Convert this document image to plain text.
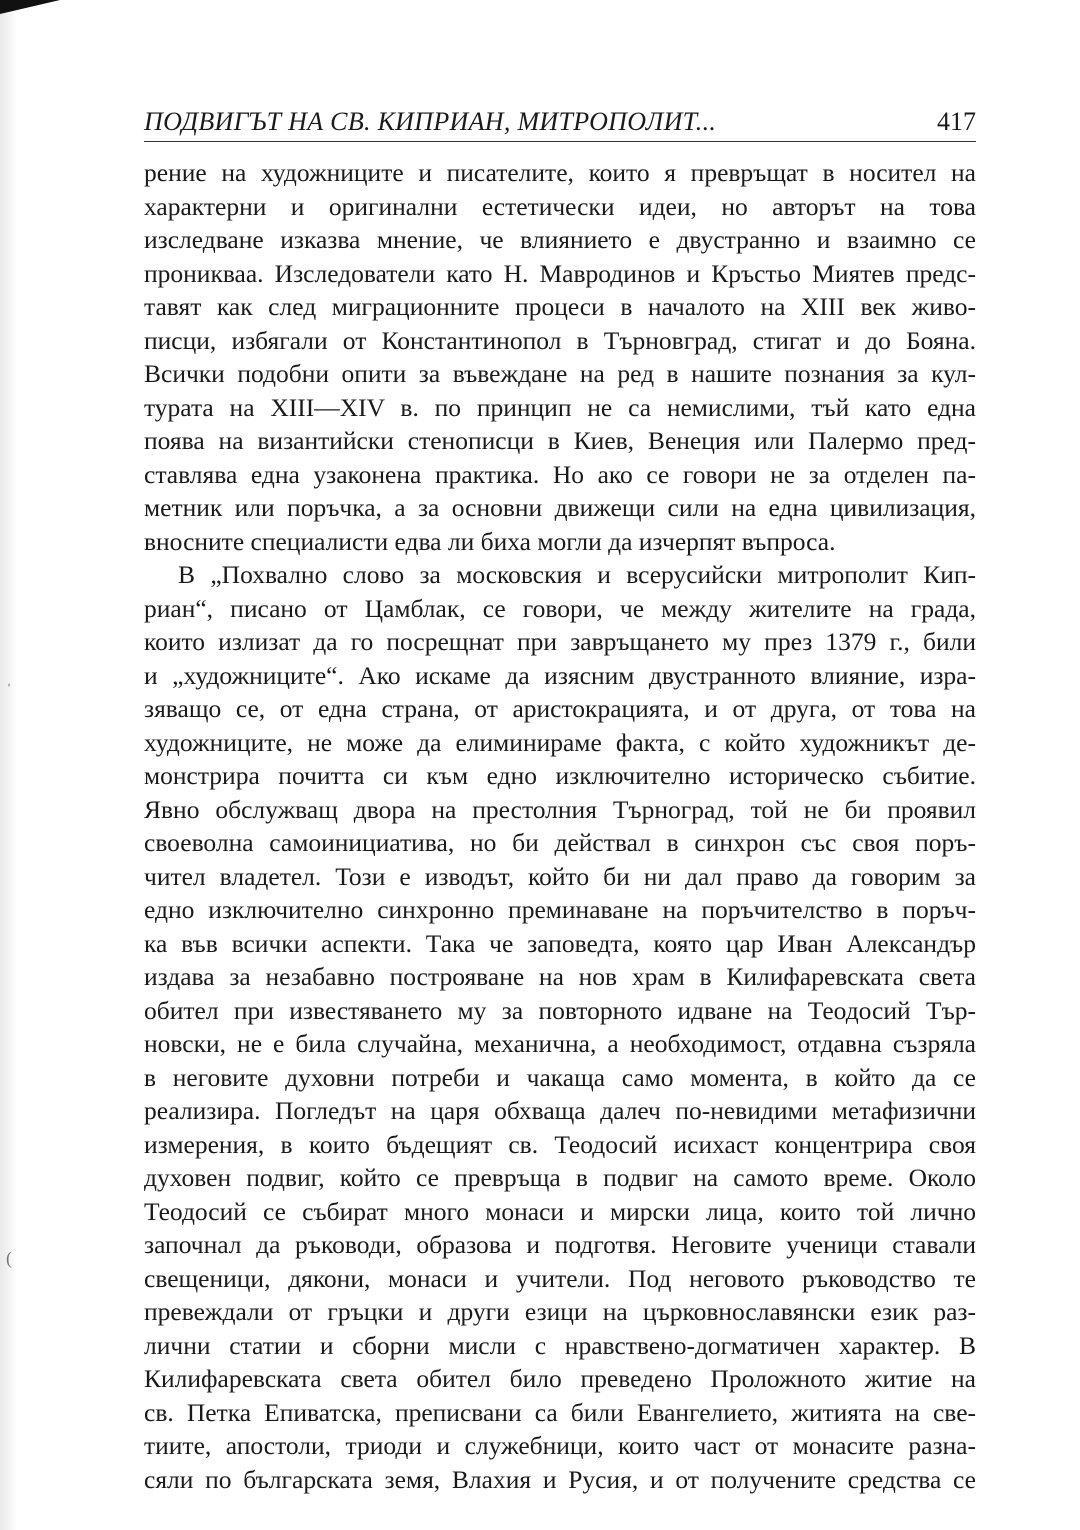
ˈ
(
ПОДВИГЪТ НА СВ. КИПРИАН, МИТРОПОЛИТ...	417
рение на художниците и писателите, които я превръщат в носител на
характерни и оригинални естетически идеи, но авторът на това
изследване изказва мнение, че влиянието е двустранно и взаимно се
проникваа. Изследователи като Н. Мавродинов и Кръстьо Миятев предс-
тавят как след миграционните процеси в началото на XIII век живо-
писци, избягали от Константинопол в Търновград, стигат и до Бояна.
Всички подобни опити за въвеждане на ред в нашите познания за кул-
турата на XIII—XIV в. по принцип не са немислими, тъй като една
поява на византийски стенописци в Киев, Венеция или Палермо пред-
ставлява една узаконена практика. Но ако се говори не за отделен па-
метник или поръчка, а за основни движещи сили на една цивилизация,
вносните специалисти едва ли биха могли да изчерпят въпроса.
В „Похвално слово за московския и всерусийски митрополит Кип-
риан“, писано от Цамблак, се говори, че между жителите на града,
които излизат да го посрещнат при завръщането му през 1379 г., били
и „художниците“. Ако искаме да изясним двустранното влияние, изра-
зяващо се, от една страна, от аристокрацията, и от друга, от това на
художниците, не може да елиминираме факта, с който художникът де-
монстрира почитта си към едно изключително историческо събитие.
Явно обслужващ двора на престолния Търноград, той не би проявил
своеволна самоинициатива, но би действал в синхрон със своя поръ-
чител владетел. Този е изводът, който би ни дал право да говорим за
едно изключително синхронно преминаване на поръчителство в поръч-
ка във всички аспекти. Така че заповедта, която цар Иван Александър
издава за незабавно построяване на нов храм в Килифаревската света
обител при известяването му за повторното идване на Теодосий Тър-
новски, не е била случайна, механична, а необходимост, отдавна съзряла
в неговите духовни потреби и чакаща само момента, в който да се
реализира. Погледът на царя обхваща далеч по-невидими метафизични
измерения, в които бъдещият св. Теодосий исихаст концентрира своя
духовен подвиг, който се превръща в подвиг на самото време. Около
Теодосий се събират много монаси и мирски лица, които той лично
започнал да ръководи, образова и подготвя. Неговите ученици ставали
свещеници, дякони, монаси и учители. Под неговото ръководство те
превеждали от гръцки и други езици на църковнославянски език раз-
лични статии и сборни мисли с нравствено-догматичен характер. В
Килифаревската света обител било преведено Проложното житие на
св. Петка Епиватска, преписвани са били Евангелието, житията на све-
тиите, апостоли, триоди и служебници, които част от монасите разна-
сяли по българската земя, Влахия и Русия, и от получените средства се
